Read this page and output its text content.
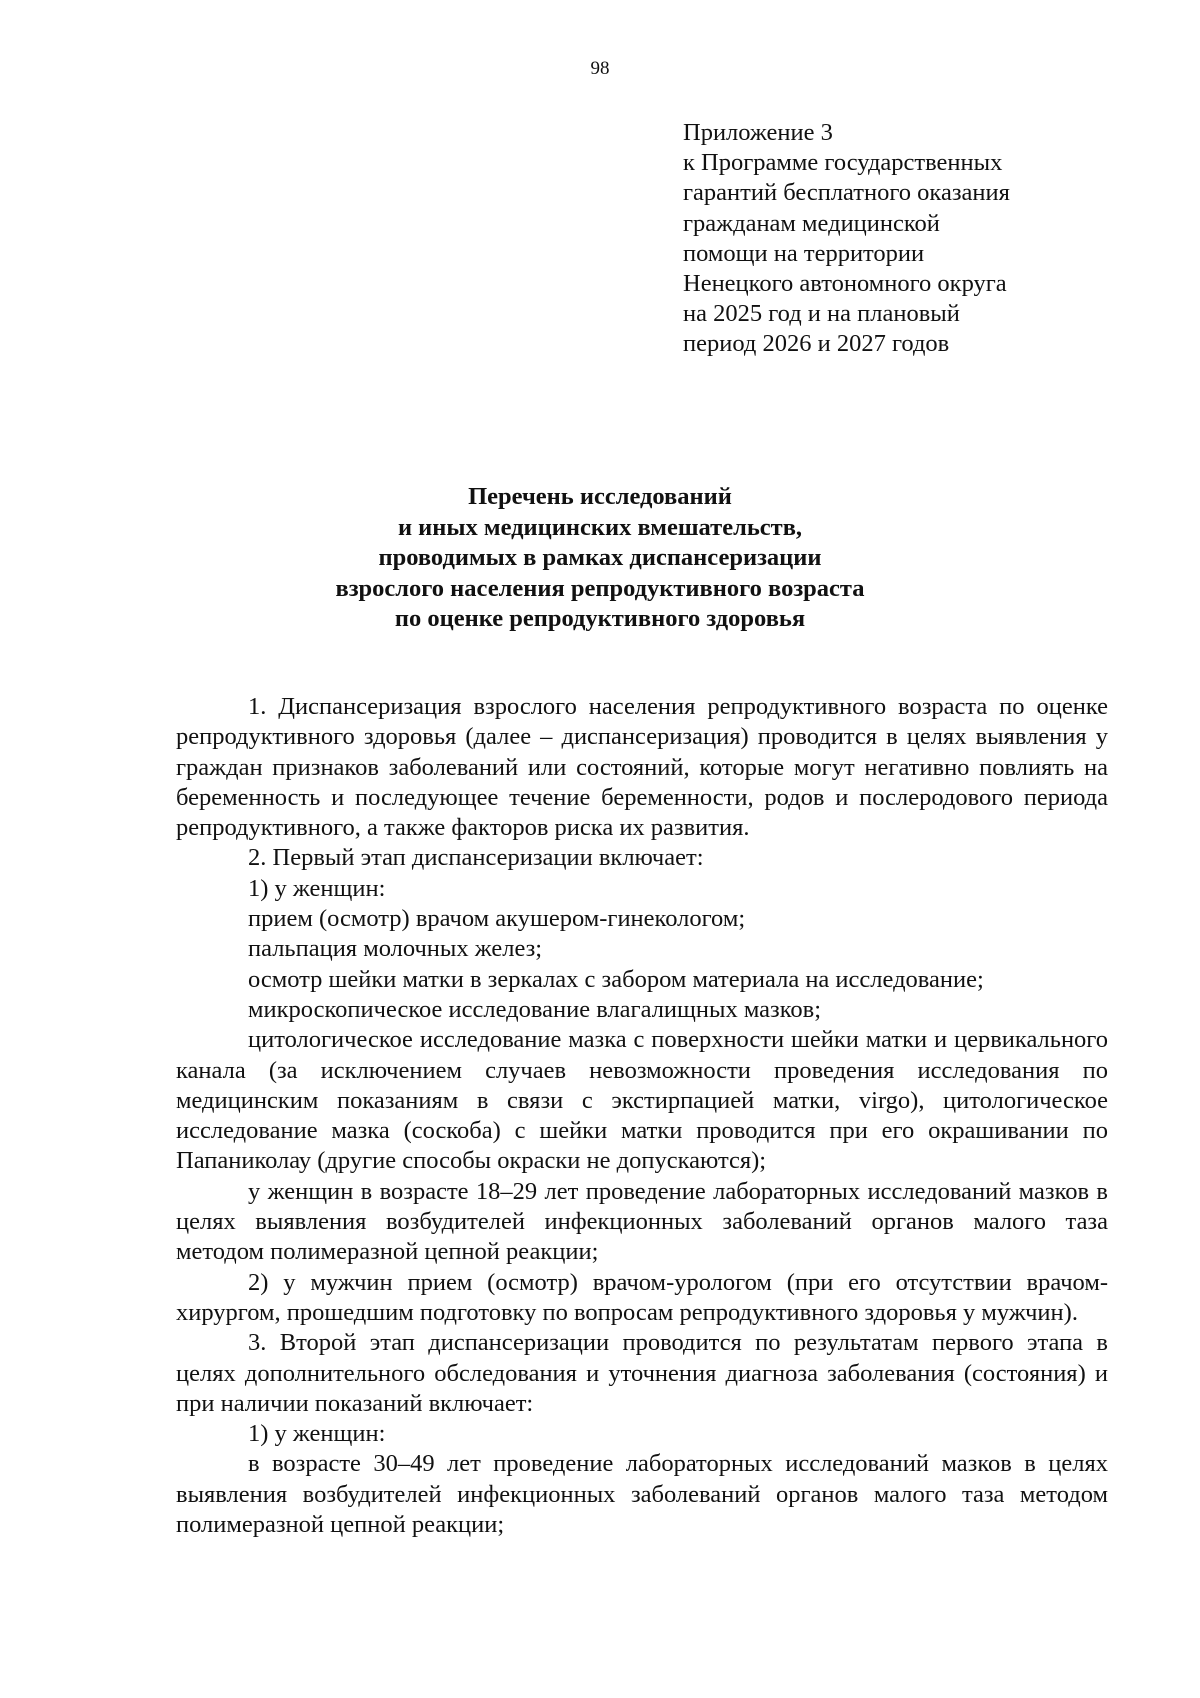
98
Приложение 3
к Программе государственных
гарантий бесплатного оказания
гражданам медицинской
помощи на территории
Ненецкого автономного округа
на 2025 год и на плановый
период 2026 и 2027 годов
Перечень исследований
и иных медицинских вмешательств,
проводимых в рамках диспансеризации
взрослого населения репродуктивного возраста
по оценке репродуктивного здоровья

1. Диспансеризация взрослого населения репродуктивного возраста по оценке репродуктивного здоровья (далее – диспансеризация) проводится в целях выявления у граждан признаков заболеваний или состояний, которые могут негативно повлиять на беременность и последующее течение беременности, родов и послеродового периода репродуктивного, а также факторов риска их развития.

2. Первый этап диспансеризации включает:

1) у женщин:

прием (осмотр) врачом акушером-гинекологом;

пальпация молочных желез;

осмотр шейки матки в зеркалах с забором материала на исследование;

микроскопическое исследование влагалищных мазков;

цитологическое исследование мазка с поверхности шейки матки и цервикального канала (за исключением случаев невозможности проведения исследования по медицинским показаниям в связи с экстирпацией матки, virgo), цитологическое исследование мазка (соскоба) с шейки матки проводится при его окрашивании по Папаниколау (другие способы окраски не допускаются);

у женщин в возрасте 18–29 лет проведение лабораторных исследований мазков в целях выявления возбудителей инфекционных заболеваний органов малого таза методом полимеразной цепной реакции;

2) у мужчин прием (осмотр) врачом-урологом (при его отсутствии врачом-хирургом, прошедшим подготовку по вопросам репродуктивного здоровья у мужчин).

3. Второй этап диспансеризации проводится по результатам первого этапа в целях дополнительного обследования и уточнения диагноза заболевания (состояния) и при наличии показаний включает:

1) у женщин:

в возрасте 30–49 лет проведение лабораторных исследований мазков в целях выявления возбудителей инфекционных заболеваний органов малого таза методом полимеразной цепной реакции;
